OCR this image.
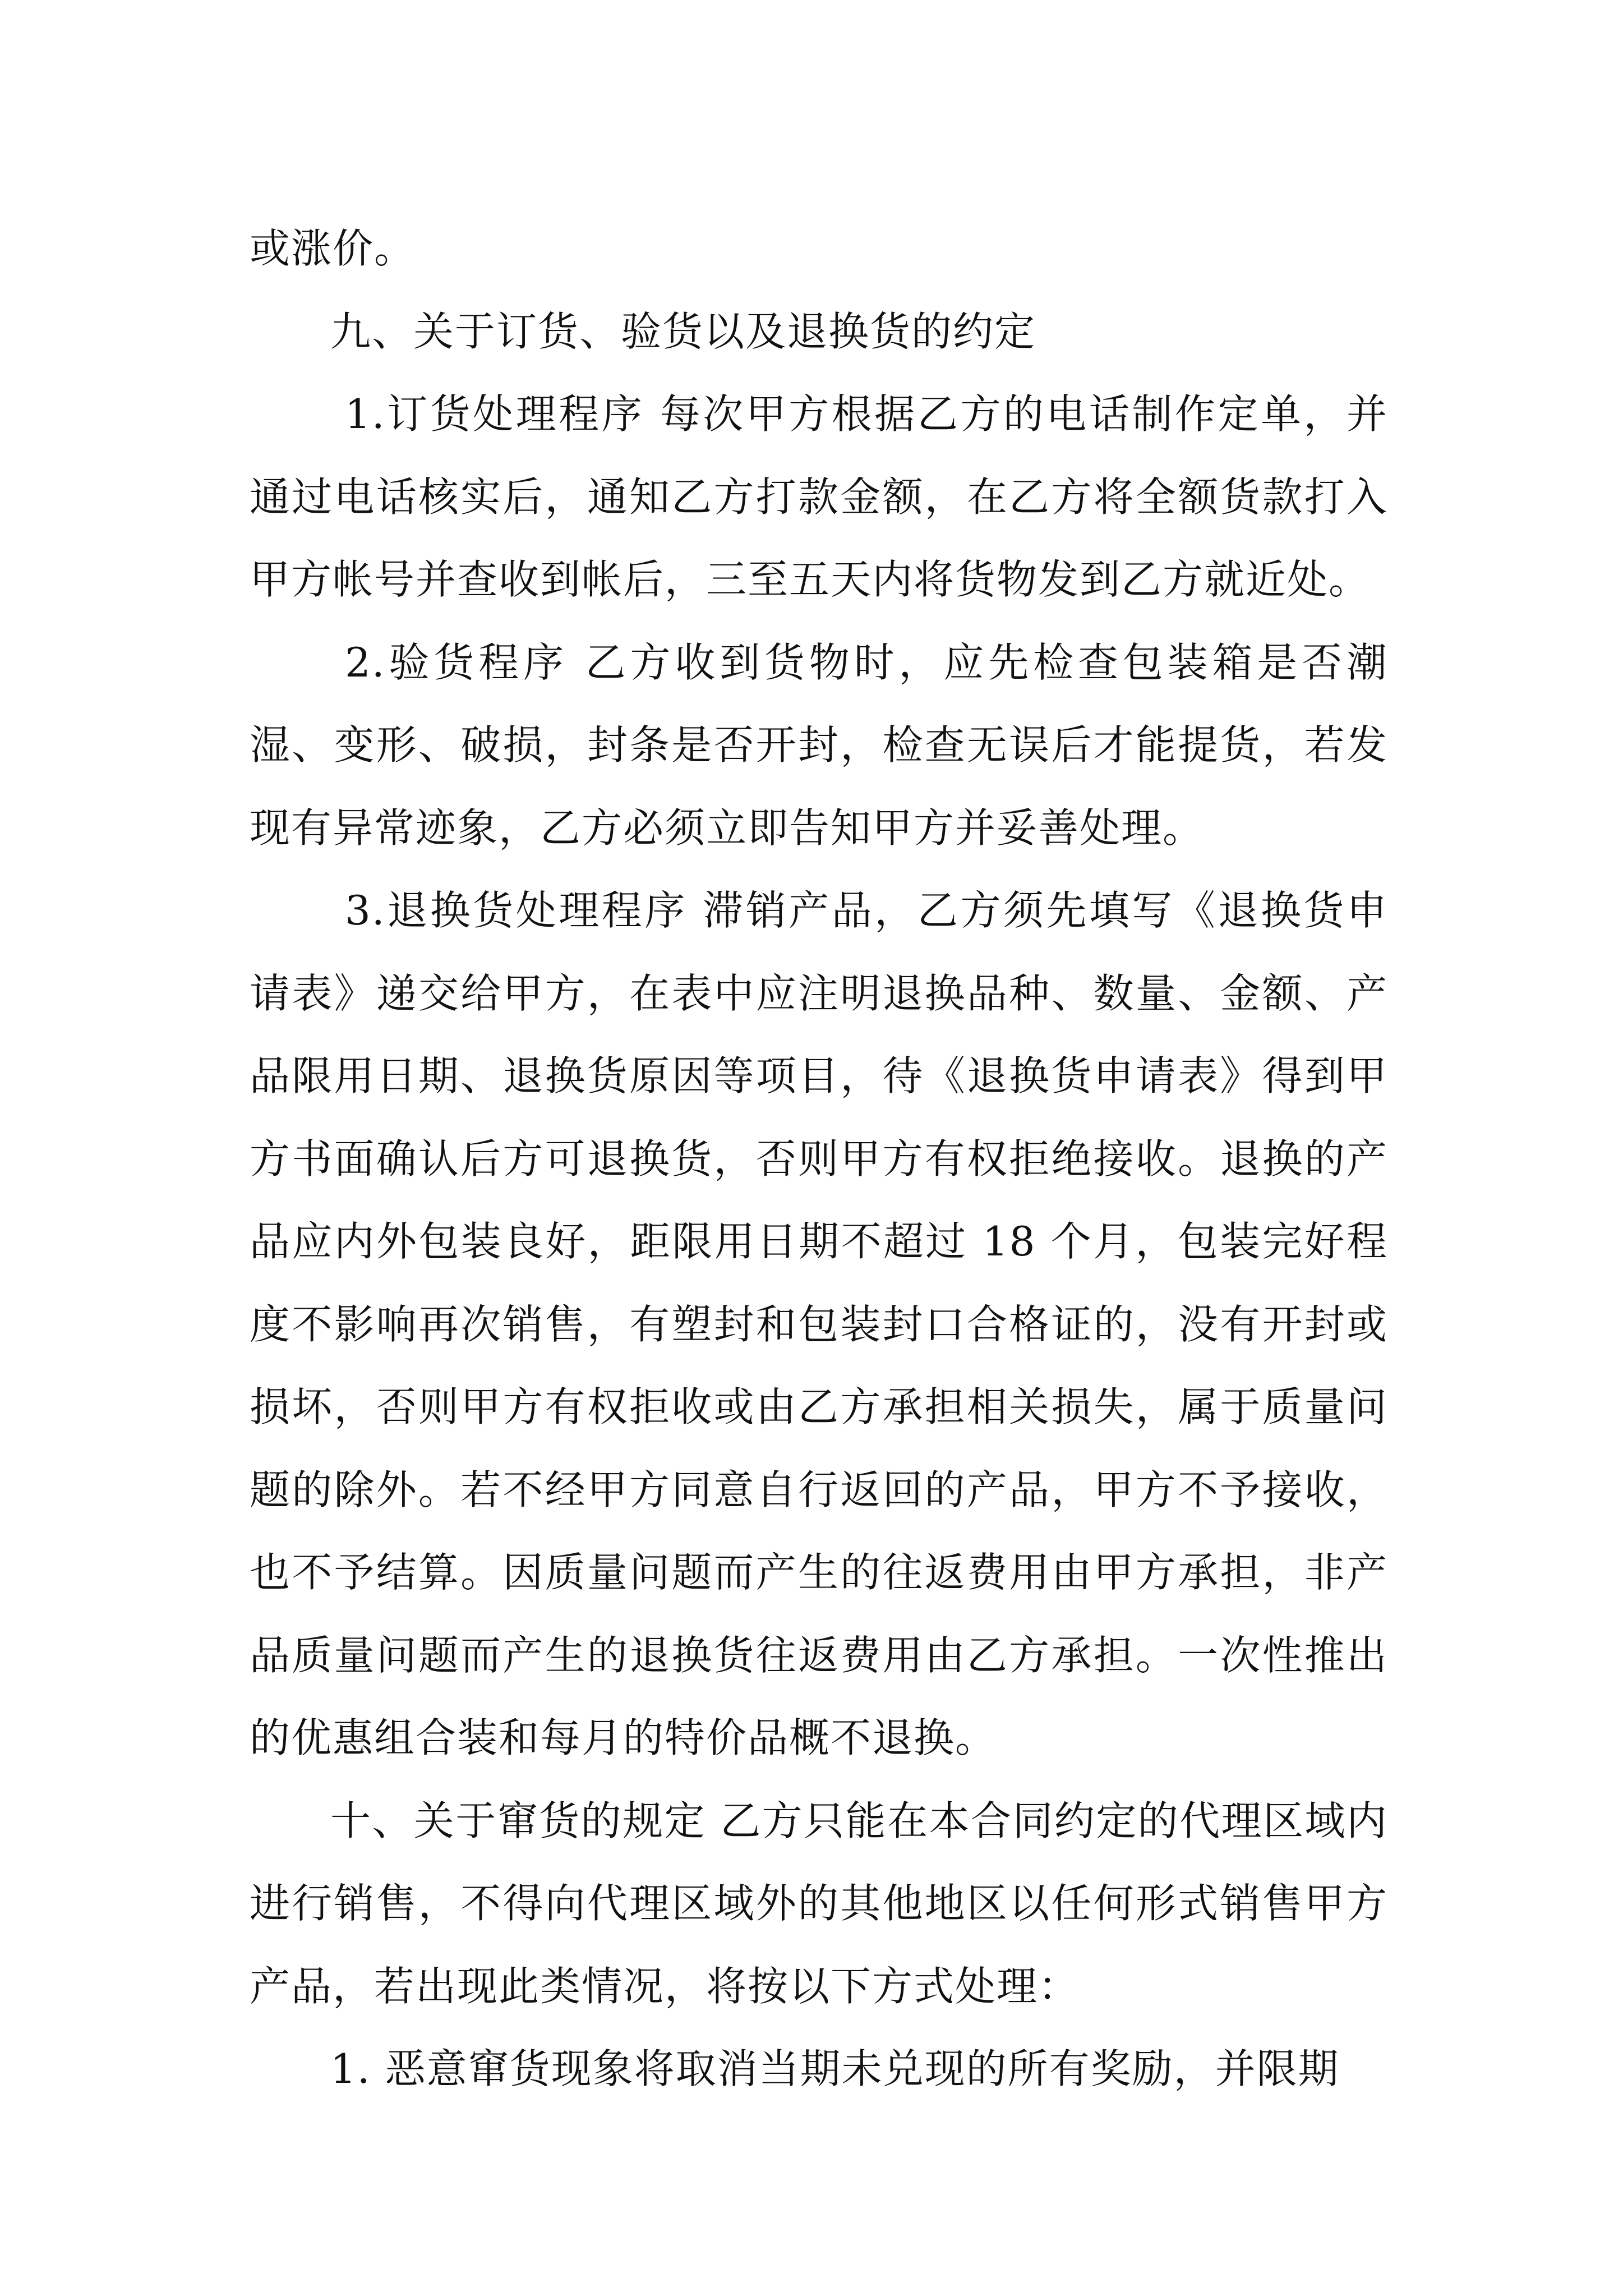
或涨价。

九、关于订货、验货以及退换货的约定

1.订货处理程序 每次甲方根据乙方的电话制作定单，并通过电话核实后，通知乙方打款金额，在乙方将全额货款打入甲方帐号并查收到帐后，三至五天内将货物发到乙方就近处。

2.验货程序 乙方收到货物时，应先检查包装箱是否潮湿、变形、破损，封条是否开封，检查无误后才能提货，若发现有异常迹象，乙方必须立即告知甲方并妥善处理。

3.退换货处理程序 滞销产品，乙方须先填写《退换货申请表》递交给甲方，在表中应注明退换品种、数量、金额、产品限用日期、退换货原因等项目，待《退换货申请表》得到甲方书面确认后方可退换货，否则甲方有权拒绝接收。退换的产品应内外包装良好，距限用日期不超过 18 个月，包装完好程度不影响再次销售，有塑封和包装封口合格证的，没有开封或损坏，否则甲方有权拒收或由乙方承担相关损失，属于质量问题的除外。若不经甲方同意自行返回的产品，甲方不予接收，也不予结算。因质量问题而产生的往返费用由甲方承担，非产品质量问题而产生的退换货往返费用由乙方承担。一次性推出的优惠组合装和每月的特价品概不退换。

十、关于窜货的规定 乙方只能在本合同约定的代理区域内进行销售，不得向代理区域外的其他地区以任何形式销售甲方产品，若出现此类情况，将按以下方式处理：

1. 恶意窜货现象将取消当期未兑现的所有奖励，并限期
